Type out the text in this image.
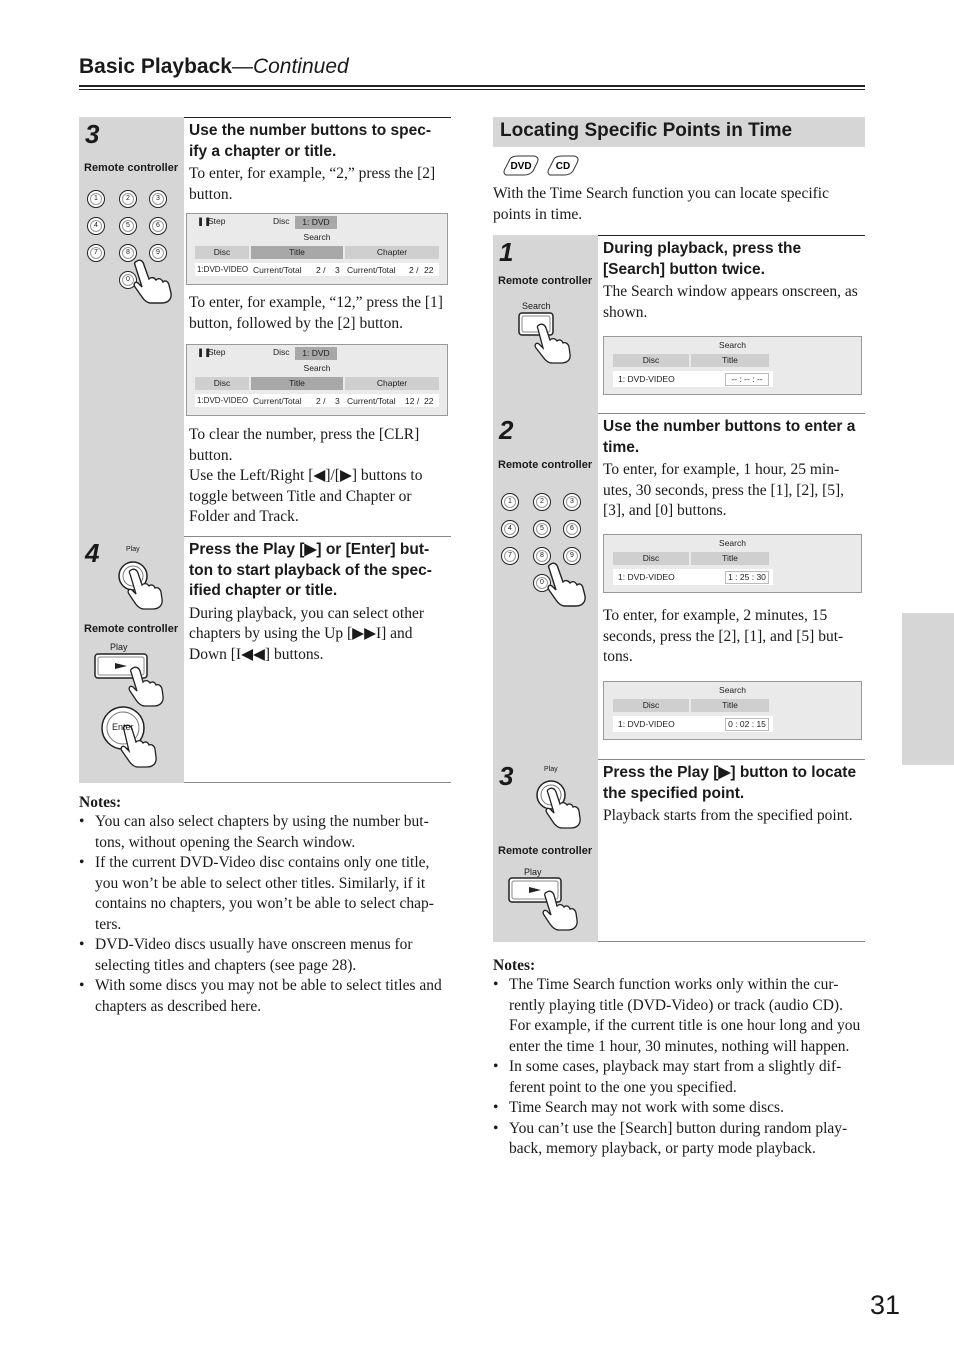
Basic Playback—Continued
3
Remote controller
1	2	3
4	5	6
7	8	9
0
Use the number buttons to spec-ify a chapter or title.
To enter, for example, “2,” press the [2] button.
❚❚
Step	Disc	1: DVD
Search
Disc	Title	Chapter
1:DVD-VIDEO Current/Total 2 / 3 Current/Total 2 / 22
To enter, for example, “12,” press the [1] button, followed by the [2] button.
❚❚
Step	Disc	1: DVD
Search
Disc	Title	Chapter
1:DVD-VIDEO Current/Total 2 / 3 Current/Total 12 / 22
To clear the number, press the [CLR] button.
Use the Left/Right [◀]/[▶] buttons to toggle between Title and Chapter or Folder and Track.
4	Play
Remote controller
Play
Enter
Press the Play [▶] or [Enter] but-ton to start playback of the spec-ified chapter or title.
During playback, you can select other chapters by using the Up [▶▶I] and Down [I◀◀] buttons.
Notes:
• You can also select chapters by using the number but-tons, without opening the Search window.
• If the current DVD-Video disc contains only one title, you won’t be able to select other titles. Similarly, if it contains no chapters, you won’t be able to select chap-ters.
• DVD-Video discs usually have onscreen menus for selecting titles and chapters (see page 28).
• With some discs you may not be able to select titles and chapters as described here.
Locating Specific Points in Time
DVD CD
With the Time Search function you can locate specific points in time.
1
Remote controller
Search
During playback, press the [Search] button twice.
The Search window appears onscreen, as shown.
Search
Disc	Title
1: DVD-VIDEO	-- : -- : --
2
Remote controller
1	2	3
4	5	6
7	8	9
0
Use the number buttons to enter a time.
To enter, for example, 1 hour, 25 min-utes, 30 seconds, press the [1], [2], [5], [3], and [0] buttons.
Search
Disc	Title
1: DVD-VIDEO	1 : 25 : 30
To enter, for example, 2 minutes, 15 seconds, press the [2], [1], and [5] but-tons.
Search
Disc	Title
1: DVD-VIDEO	0 : 02 : 15
3	Play
Remote controller
Play
Press the Play [▶] button to locate the specified point.
Playback starts from the specified point.
Notes:
• The Time Search function works only within the cur-rently playing title (DVD-Video) or track (audio CD). For example, if the current title is one hour long and you enter the time 1 hour, 30 minutes, nothing will happen.
• In some cases, playback may start from a slightly dif-ferent point to the one you specified.
• Time Search may not work with some discs.
• You can’t use the [Search] button during random play-back, memory playback, or party mode playback.
31
